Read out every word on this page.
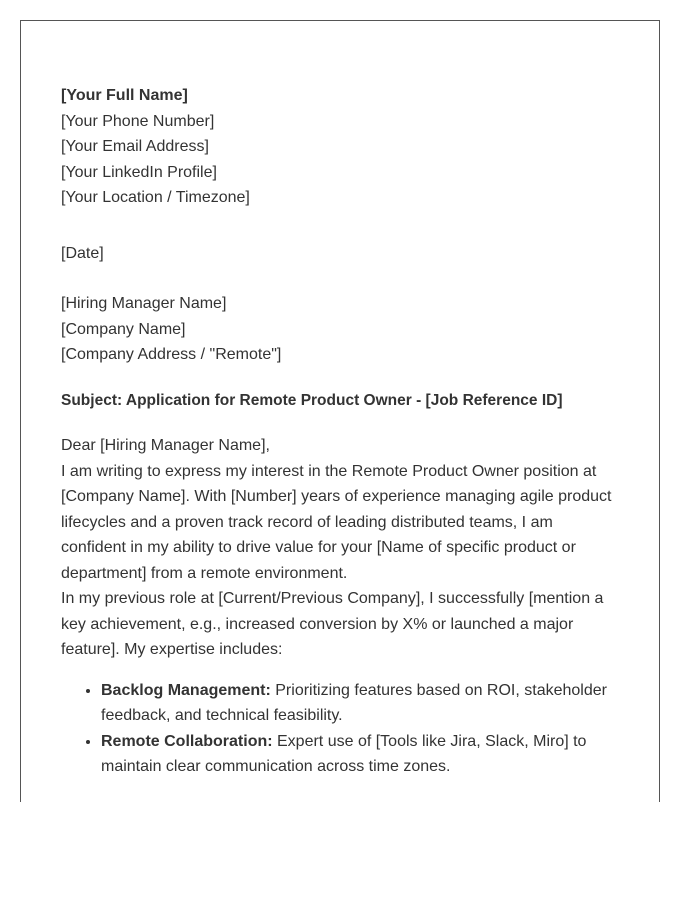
[Your Full Name]
[Your Phone Number]
[Your Email Address]
[Your LinkedIn Profile]
[Your Location / Timezone]
[Date]
[Hiring Manager Name]
[Company Name]
[Company Address / "Remote"]
Subject: Application for Remote Product Owner - [Job Reference ID]
Dear [Hiring Manager Name],

I am writing to express my interest in the Remote Product Owner position at [Company Name]. With [Number] years of experience managing agile product lifecycles and a proven track record of leading distributed teams, I am confident in my ability to drive value for your [Name of specific product or department] from a remote environment.

In my previous role at [Current/Previous Company], I successfully [mention a key achievement, e.g., increased conversion by X% or launched a major feature]. My expertise includes:

• Backlog Management: Prioritizing features based on ROI, stakeholder feedback, and technical feasibility.
• Remote Collaboration: Expert use of [Tools like Jira, Slack, Miro] to maintain clear communication across time zones.
